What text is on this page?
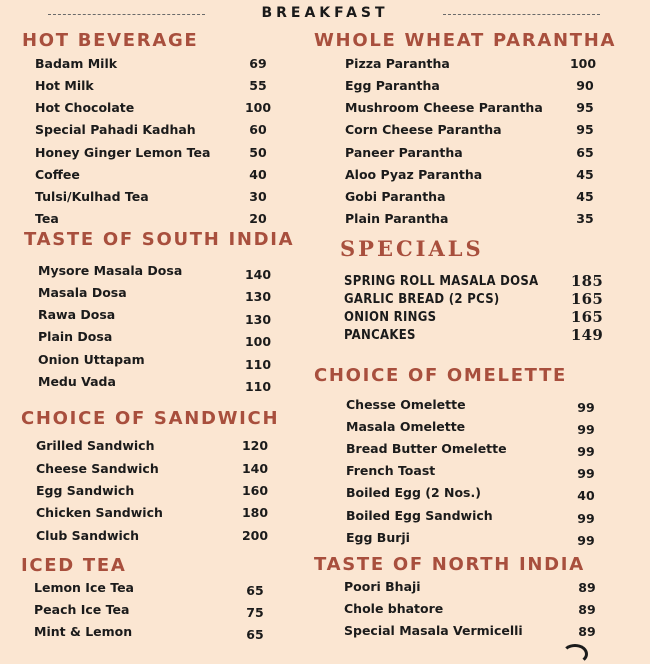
BREAKFAST
HOT BEVERAGE
Badam Milk	69
Hot Milk	55
Hot Chocolate	100
Special Pahadi Kadhah	60
Honey Ginger Lemon Tea	50
Coffee	40
Tulsi/Kulhad Tea	30
Tea	20
TASTE OF SOUTH INDIA
Mysore Masala Dosa	140
Masala Dosa	130
Rawa Dosa	130
Plain Dosa	100
Onion Uttapam	110
Medu Vada	110
CHOICE OF SANDWICH
Grilled Sandwich	120
Cheese Sandwich	140
Egg Sandwich	160
Chicken Sandwich	180
Club Sandwich	200
ICED TEA
Lemon Ice Tea	65
Peach Ice Tea	75
Mint & Lemon	65
WHOLE WHEAT PARANTHA
Pizza Parantha	100
Egg Parantha	90
Mushroom Cheese Parantha	95
Corn Cheese Parantha	95
Paneer Parantha	65
Aloo Pyaz Parantha	45
Gobi Parantha	45
Plain Parantha	35
SPECIALS
SPRING ROLL MASALA DOSA 185
GARLIC BREAD (2 PCS)	165
ONION RINGS	165
PANCAKES	149
CHOICE OF OMELETTE
Chesse Omelette	99
Masala Omelette	99
Bread Butter Omelette	99
French Toast	99
Boiled Egg (2 Nos.)	40
Boiled Egg Sandwich	99
Egg Burji	99
TASTE OF NORTH INDIA
Poori Bhaji	89
Chole bhatore	89
Special Masala Vermicelli	89
